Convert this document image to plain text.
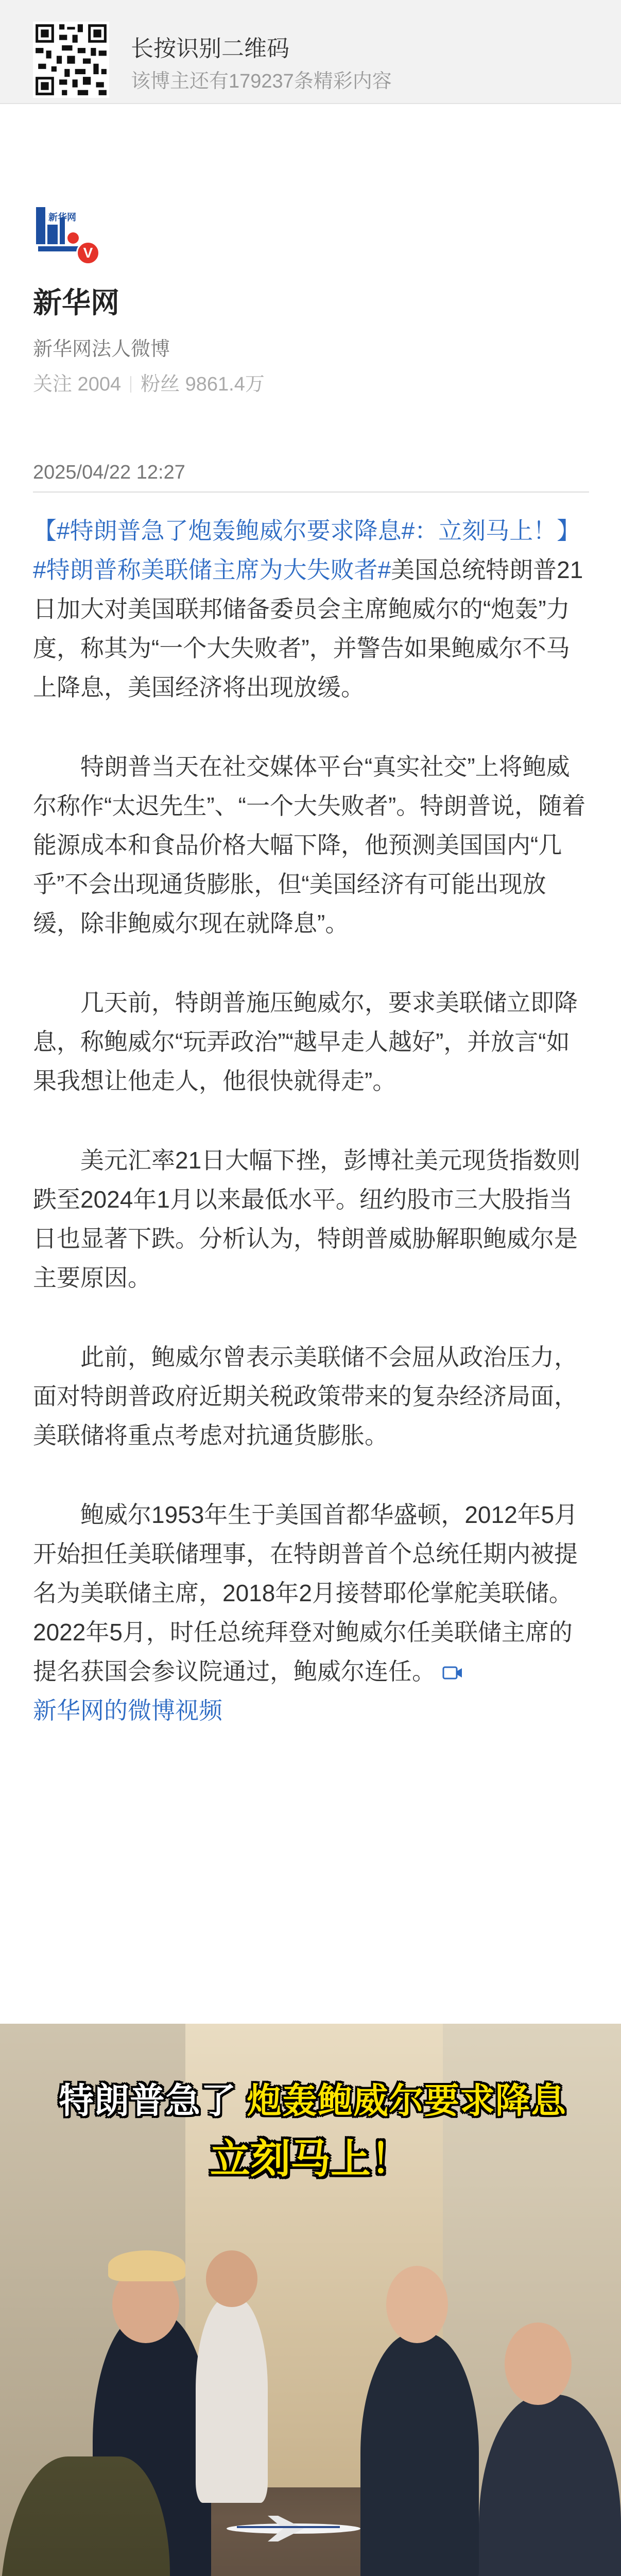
长按识别二维码
该博主还有179237条精彩内容
新华网
V
新华网
新华网法人微博
关注 2004 粉丝 9861.4万
2025/04/22 12:27

【#特朗普急了炮轰鲍威尔要求降息#：立刻马上！】#特朗普称美联储主席为大失败者#美国总统特朗普21日加大对美国联邦储备委员会主席鲍威尔的“炮轰”力度，称其为“一个大失败者”，并警告如果鲍威尔不马上降息，美国经济将出现放缓。

特朗普当天在社交媒体平台“真实社交”上将鲍威尔称作“太迟先生”、“一个大失败者”。特朗普说，随着能源成本和食品价格大幅下降，他预测美国国内“几乎”不会出现通货膨胀，但“美国经济有可能出现放缓，除非鲍威尔现在就降息”。

几天前，特朗普施压鲍威尔，要求美联储立即降息，称鲍威尔“玩弄政治”“越早走人越好”，并放言“如果我想让他走人，他很快就得走”。

美元汇率21日大幅下挫，彭博社美元现货指数则跌至2024年1月以来最低水平。纽约股市三大股指当日也显著下跌。分析认为，特朗普威胁解职鲍威尔是主要原因。

此前，鲍威尔曾表示美联储不会屈从政治压力，面对特朗普政府近期关税政策带来的复杂经济局面，美联储将重点考虑对抗通货膨胀。

鲍威尔1953年生于美国首都华盛顿，2012年5月开始担任美联储理事，在特朗普首个总统任期内被提名为美联储主席，2018年2月接替耶伦掌舵美联储。2022年5月，时任总统拜登对鲍威尔任美联储主席的提名获国会参议院通过，鲍威尔连任。
新华网的微博视频

特朗普急了 炮轰鲍威尔要求降息
立刻马上！
